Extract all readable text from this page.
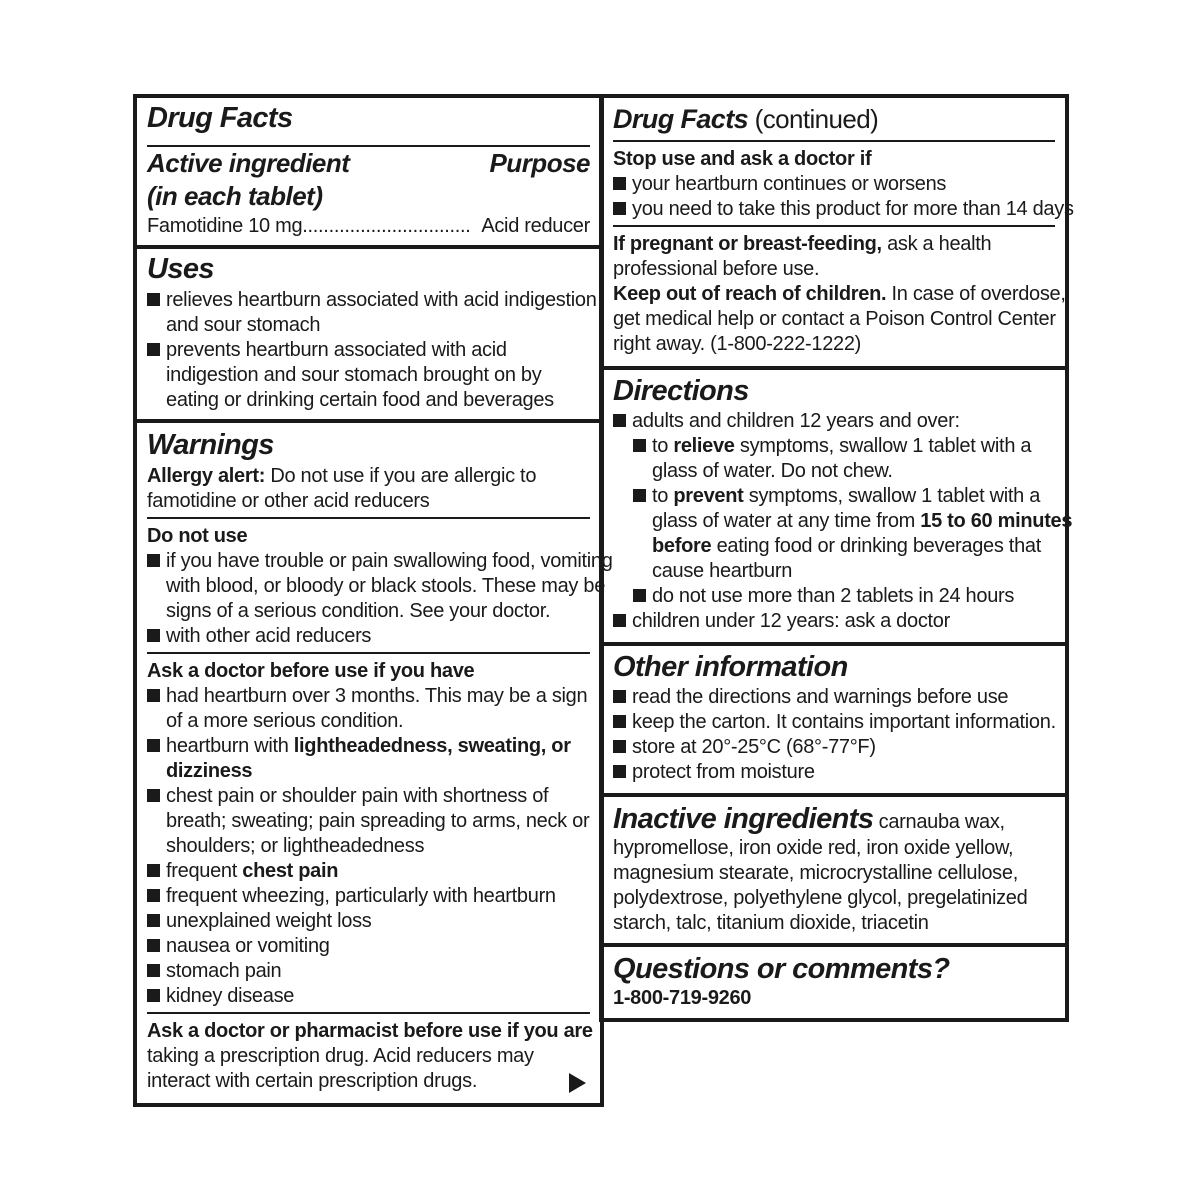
Drug Facts
Active ingredient
(in each tablet)
Purpose
Famotidine 10 mg................................ Acid reducer
Uses
relieves heartburn associated with acid indigestion
and sour stomach
prevents heartburn associated with acid
indigestion and sour stomach brought on by
eating or drinking certain food and beverages
Warnings
Allergy alert: Do not use if you are allergic to
famotidine or other acid reducers
Do not use
if you have trouble or pain swallowing food, vomiting
with blood, or bloody or black stools. These may be
signs of a serious condition. See your doctor.
with other acid reducers
Ask a doctor before use if you have
had heartburn over 3 months. This may be a sign
of a more serious condition.
heartburn with lightheadedness, sweating, or
dizziness
chest pain or shoulder pain with shortness of
breath; sweating; pain spreading to arms, neck or
shoulders; or lightheadedness
frequent chest pain
frequent wheezing, particularly with heartburn
unexplained weight loss
nausea or vomiting
stomach pain
kidney disease
Ask a doctor or pharmacist before use if you are
taking a prescription drug. Acid reducers may
interact with certain prescription drugs.
Drug Facts (continued)
Stop use and ask a doctor if
your heartburn continues or worsens
you need to take this product for more than 14 days
If pregnant or breast-feeding, ask a health
professional before use.
Keep out of reach of children. In case of overdose,
get medical help or contact a Poison Control Center
right away. (1-800-222-1222)
Directions
adults and children 12 years and over:
to relieve symptoms, swallow 1 tablet with a
glass of water. Do not chew.
to prevent symptoms, swallow 1 tablet with a
glass of water at any time from 15 to 60 minutes
before eating food or drinking beverages that
cause heartburn
do not use more than 2 tablets in 24 hours
children under 12 years: ask a doctor
Other information
read the directions and warnings before use
keep the carton. It contains important information.
store at 20°-25°C (68°-77°F)
protect from moisture
Inactive ingredients carnauba wax,
hypromellose, iron oxide red, iron oxide yellow,
magnesium stearate, microcrystalline cellulose,
polydextrose, polyethylene glycol, pregelatinized
starch, talc, titanium dioxide, triacetin
Questions or comments?
1-800-719-9260
